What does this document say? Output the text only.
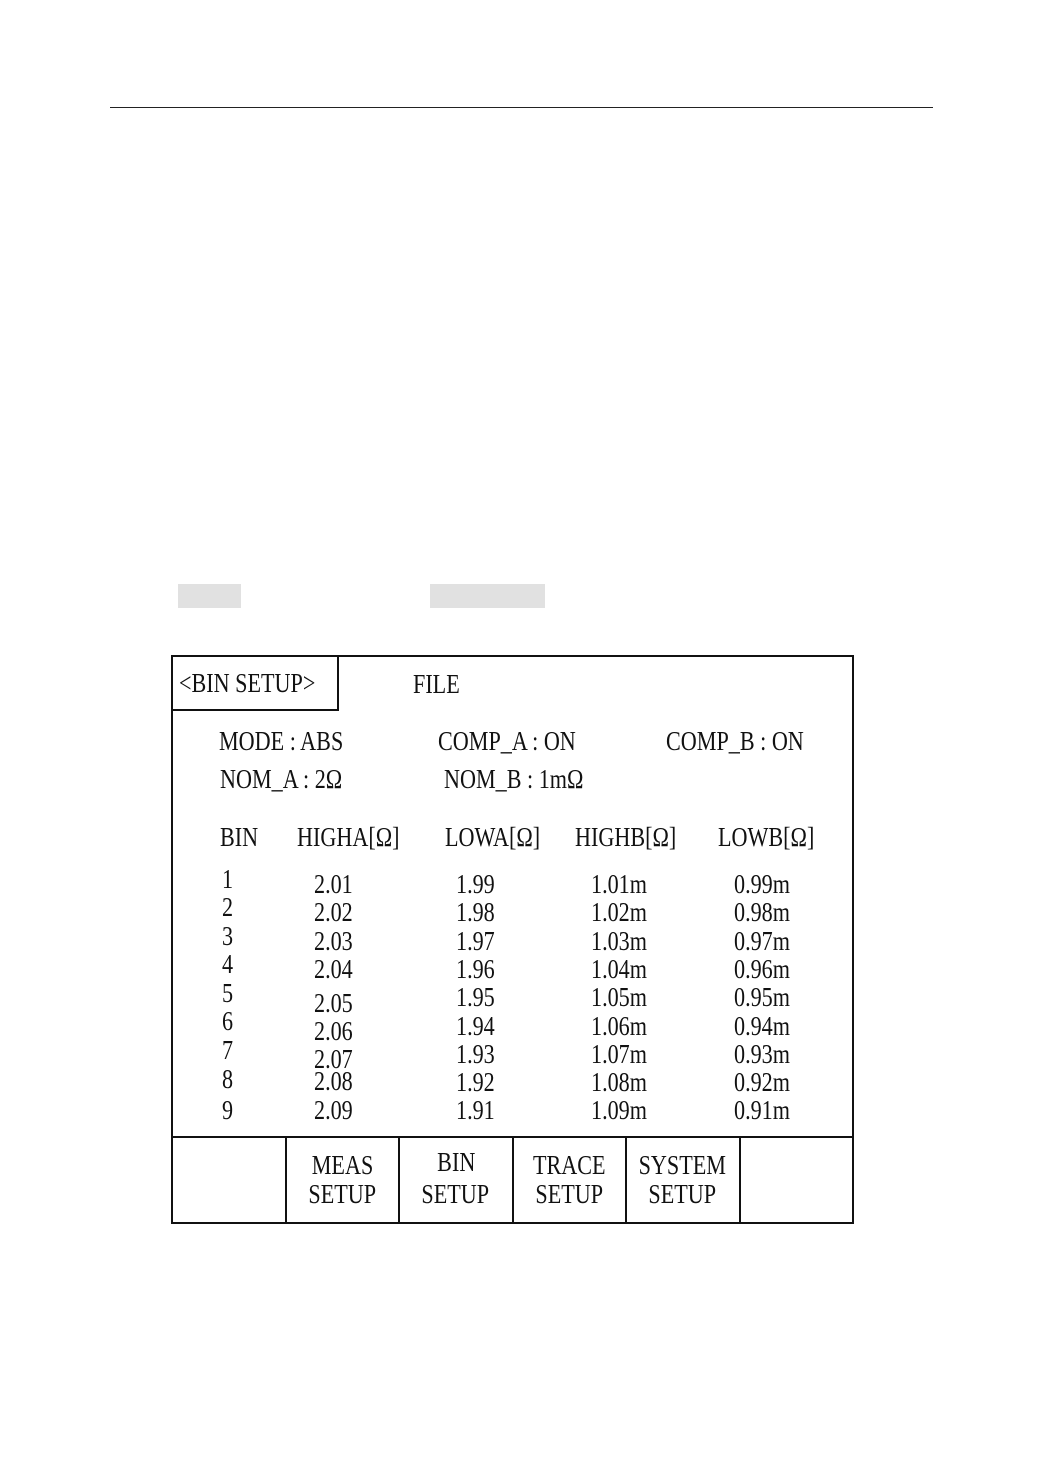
<BIN SETUP>	FILE
MODE : ABS	COMP_A : ON	COMP_B : ON
NOM_A : 2Ω	NOM_B : 1mΩ
BIN HIGHA[Ω] LOWA[Ω] HIGHB[Ω] LOWB[Ω]
1	2.01	1.99	1.01m	0.99m
2	2.02	1.98	1.02m	0.98m
3	2.03	1.97	1.03m	0.97m
4	2.04	1.96	1.04m	0.96m
5	2.05	1.95	1.05m	0.95m
6	2.06	1.94	1.06m	0.94m
7	2.07	1.93	1.07m	0.93m
8	2.08	1.92	1.08m	0.92m
9	2.09	1.91	1.09m	0.91m
MEAS
SETUP
BIN
SETUP
TRACE
SETUP
SYSTEM
SETUP
